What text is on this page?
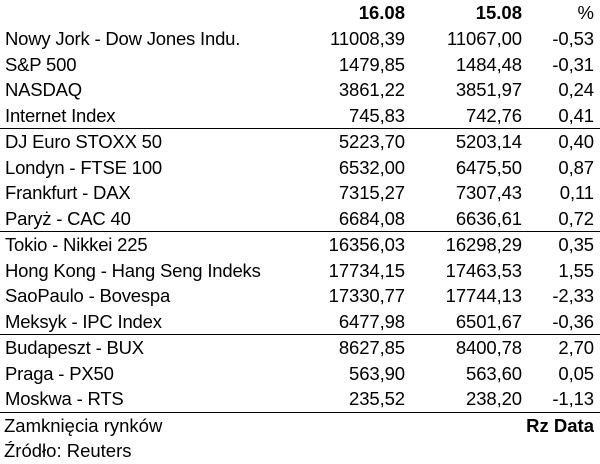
	16.08	15.08	%	
Nowy Jork - Dow Jones Indu.	11008,39	11067,00	-0,53	
S&P 500	1479,85	1484,48	-0,31	
NASDAQ	3861,22	3851,97	0,24	
Internet Index	745,83	742,76	0,41	
DJ Euro STOXX 50	5223,70	5203,14	0,40	
Londyn - FTSE 100	6532,00	6475,50	0,87	
Frankfurt - DAX	7315,27	7307,43	0,11	
Paryż - CAC 40	6684,08	6636,61	0,72	
Tokio - Nikkei 225	16356,03	16298,29	0,35	
Hong Kong - Hang Seng Indeks	17734,15	17463,53	1,55	
SaoPaulo - Bovespa	17330,77	17744,13	-2,33	
Meksyk - IPC Index	6477,98	6501,67	-0,36	
Budapeszt - BUX	8627,85	8400,78	2,70	
Praga - PX50	563,90	563,60	0,05	
Moskwa - RTS	235,52	238,20	-1,13	
Zamknięcia rynków			Rz Data	
Źródło: Reuters				
